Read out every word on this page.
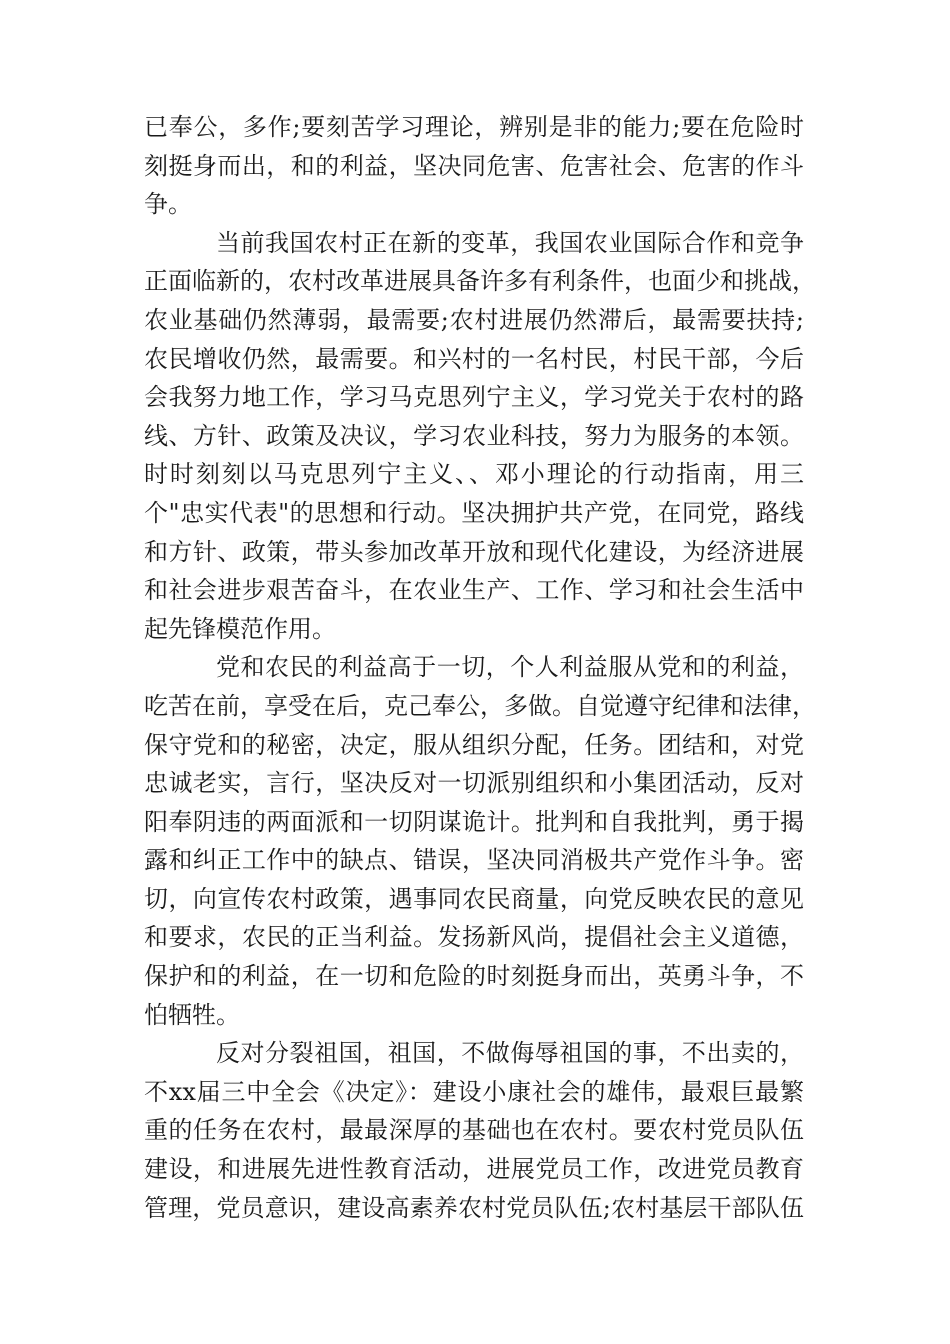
已奉公，多作;要刻苦学习理论，辨别是非的能力;要在危险时
刻挺身而出，和的利益，坚决同危害、危害社会、危害的作斗
争。
当前我国农村正在新的变革，我国农业国际合作和竞争
正面临新的，农村改革进展具备许多有利条件，也面少和挑战，
农业基础仍然薄弱，最需要;农村进展仍然滞后，最需要扶持;
农民增收仍然，最需要。和兴村的一名村民，村民干部，今后
会我努力地工作，学习马克思列宁主义，学习党关于农村的路
线、方针、政策及决议，学习农业科技，努力为服务的本领。
时时刻刻以马克思列宁主义、、邓小理论的行动指南，用三
个"忠实代表"的思想和行动。坚决拥护共产党，在同党，路线
和方针、政策，带头参加改革开放和现代化建设，为经济进展
和社会进步艰苦奋斗，在农业生产、工作、学习和社会生活中
起先锋模范作用。
党和农民的利益高于一切，个人利益服从党和的利益，
吃苦在前，享受在后，克己奉公，多做。自觉遵守纪律和法律，
保守党和的秘密，决定，服从组织分配，任务。团结和，对党
忠诚老实，言行，坚决反对一切派别组织和小集团活动，反对
阳奉阴违的两面派和一切阴谋诡计。批判和自我批判，勇于揭
露和纠正工作中的缺点、错误，坚决同消极共产党作斗争。密
切，向宣传农村政策，遇事同农民商量，向党反映农民的意见
和要求，农民的正当利益。发扬新风尚，提倡社会主义道德，
保护和的利益，在一切和危险的时刻挺身而出，英勇斗争，不
怕牺牲。
反对分裂祖国，祖国，不做侮辱祖国的事，不出卖的，
不xx届三中全会《决定》：建设小康社会的雄伟，最艰巨最繁
重的任务在农村，最最深厚的基础也在农村。要农村党员队伍
建设，和进展先进性教育活动，进展党员工作，改进党员教育
管理，党员意识，建设高素养农村党员队伍;农村基层干部队伍
